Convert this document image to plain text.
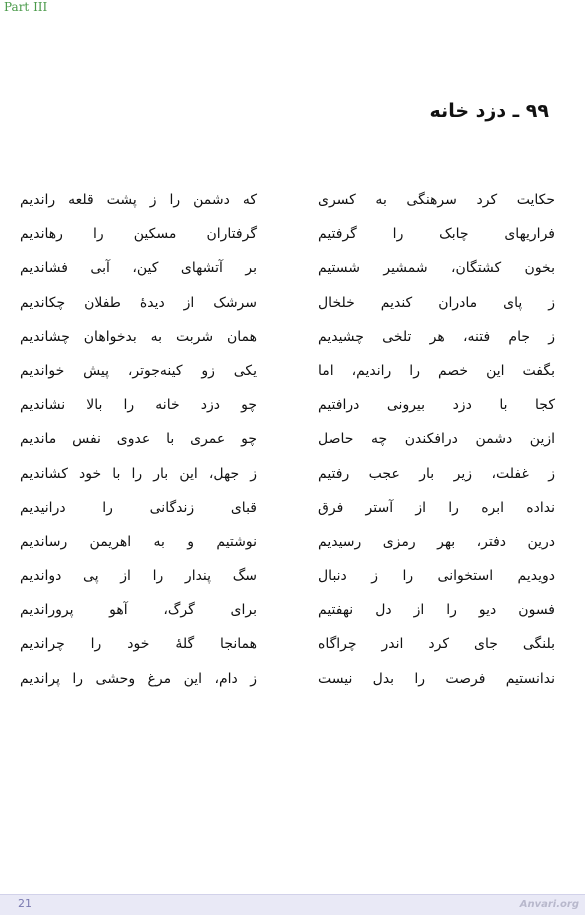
Part III
۹۹ ـ دزد خانه
حکایت کرد سرهنگی به کسری
که دشمن را ز پشت قلعه راندیم
فراریهای چابک را گرفتیم
گرفتاران مسکین را رهاندیم
بخون کشتگان، شمشیر شستیم
بر آتشهای کین، آبی فشاندیم
ز پای مادران کندیم خلخال
سرشک از دیدهٔ طفلان چکاندیم
ز جام فتنه، هر تلخی چشیدیم
همان شربت به بدخواهان چشاندیم
بگفت این خصم را راندیم، اما
یکی زو کینه‌جوتر، پیش خواندیم
کجا با دزد بیرونی درافتیم
چو دزد خانه را بالا نشاندیم
ازین دشمن درافکندن چه حاصل
چو عمری با عدوی نفس ماندیم
ز غفلت، زیر بار عجب رفتیم
ز جهل، این بار را با خود کشاندیم
نداده ابره را از آستر فرق
قبای زندگانی را درانیدیم
درین دفتر، بهر رمزی رسیدیم
نوشتیم و به اهریمن رساندیم
دویدیم استخوانی را ز دنبال
سگ پندار را از پی دواندیم
فسون دیو را از دل نهفتیم
برای گرگ، آهو پروراندیم
بلنگی جای کرد اندر چراگاه
همانجا گلهٔ خود را چراندیم
ندانستیم فرصت را بدل نیست
ز دام، این مرغ وحشی را پراندیم
21	Anvari.org
